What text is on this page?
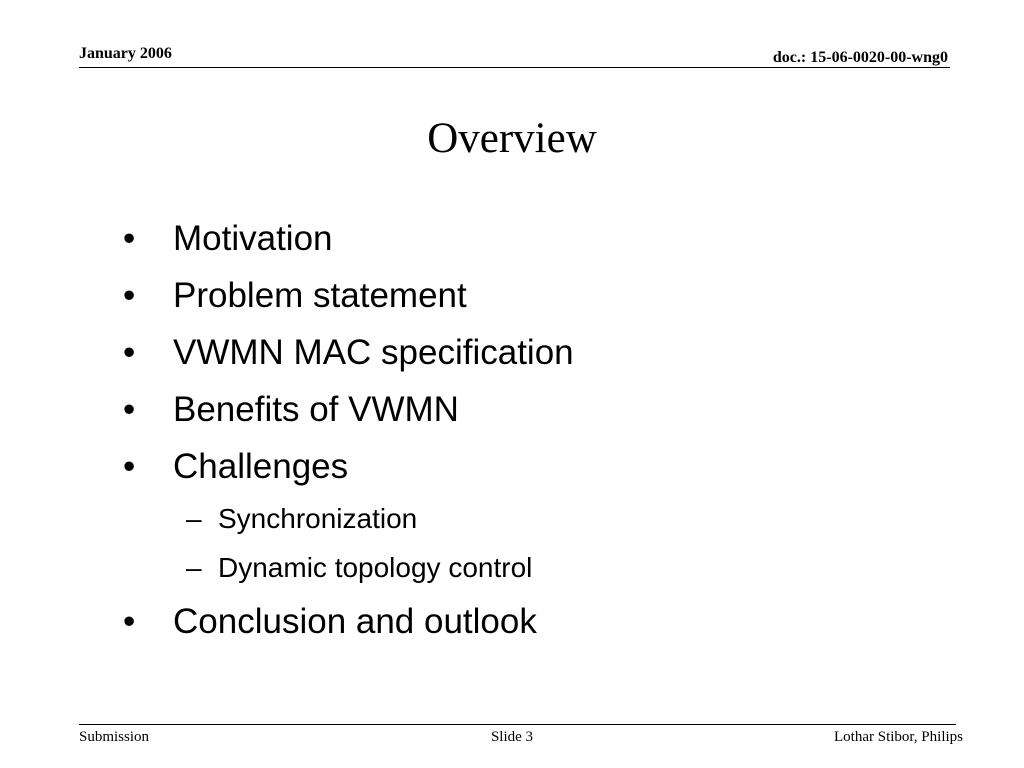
January 2006	doc.: 15-06-0020-00-wng0
Overview
• Motivation
• Problem statement
• VWMN MAC specification
• Benefits of VWMN
• Challenges
– Synchronization
– Dynamic topology control
• Conclusion and outlook
Submission	Slide 3	Lothar Stibor, Philips
